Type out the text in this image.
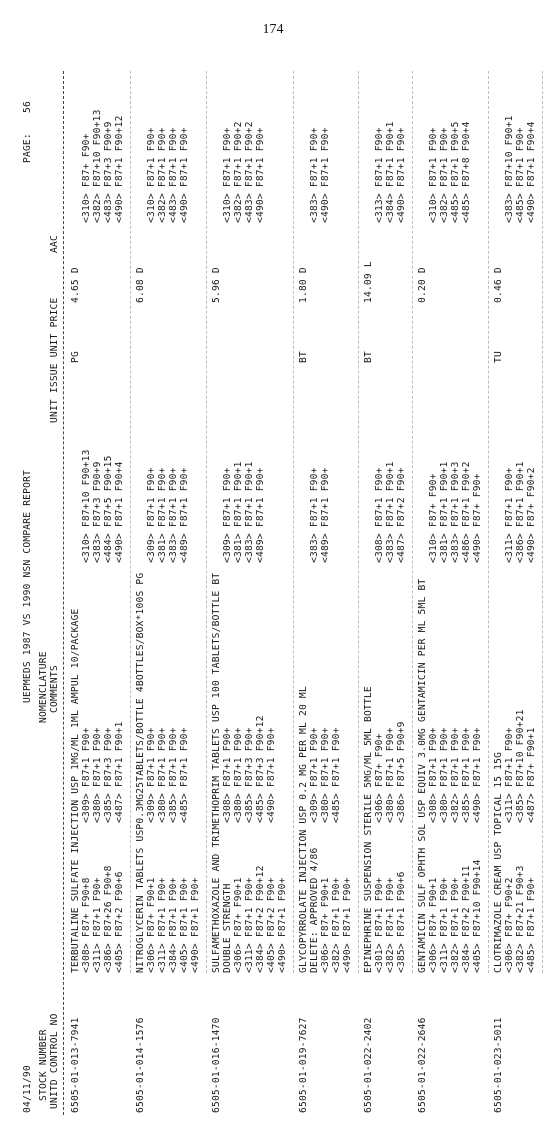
174
04/11/90
UEPMEDS 1987 VS 1990 NSN COMPARE REPORT
PAGE:
56
STOCK NUMBER UNITD CONTROL NO
NOMENCLATURE COMMENTS
UNIT ISSUE UNIT PRICE
AAC
6505-01-013-7941
TERBUTALINE SULFATE INJECTION USP 1MG/ML 1ML AMPUL 10/PACKAGE
PG
4.65 D
<308> F87+ F90+8 <311> F87+1 F90+ <386> F87+26 F90+8 <405> F87+2 F90+6
<309> F87+1 F90+ <380> F87+1 F90+ <385> F87+3 F90+ <487> F87+1 F90+1
<310> F87+10 F90+13 <383> F87+3 F90+9 <484> F87+5 F90+15 <490> F87+1 F90+4
<310> F87+ F90+ <382> F87+10 F90+13 <483> F87+3 F90+9 <490> F87+1 F90+12
6505-01-014-1576
NITROGLYCERIN TABLETS USP0.3MG25TABLETS/BOTTLE 4BOTTLES/BOX*100S PG
6.08 D
<306> F87+ F90+1 <311> F87+1 F90+ <384> F87+1 F90+ <405> F87+1 F90+ <490> F87+1 F90+
<309> F87+1 F90+ <380> F87+1 F90+ <385> F87+1 F90+ <485> F87+1 F90+
<309> F87+1 F90+ <381> F87+1 F90+ <383> F87+1 F90+ <489> F87+1 F90+
<310> F87+1 F90+ <382> F87+1 F90+ <483> F87+1 F90+ <490> F87+1 F90+
6505-01-016-1470
SULFAMETHOXAZOLE AND TRIMETHOPRIM TABLETS USP 100 TABLETS/BOTTLE BT
5.96 D
DOUBLE STRENGTH <306> F87+ F90+1 <311> F87+1 F90+ <384> F87+2 F90+12 <405> F87+2 F90+ <490> F87+1 F90+
<308> F87+1 F90+ <380> F87+1 F90+ <385> F87+3 F90+ <485> F87+3 F90+12 <490> F87+1 F90+
<309> F87+1 F90+ <381> F87+1 F90+1 <383> F87+1 F90+1 <489> F87+1 F90+
<310> F87+1 F90+ <382> F87+1 F90+2 <483> F87+1 F90+2 <490> F87+1 F90+
6505-01-019-7627
GLYCOPYRROLATE INJECTION USP 0.2 MG PER ML 20 ML
BT
1.80 D
DELETE: APPROVED 4/86 <306> F87+ F90+1 <382> F87+1 F90+ <490> F87+1 F90+
<309> F87+1 F90+ <380> F87+1 F90+ <485> F87+1 F90+
<383> F87+1 F90+ <489> F87+1 F90+
<383> F87+1 F90+ <490> F87+1 F90+
6505-01-022-2402
EPINEPHRINE SUSPENSION STERILE 5MG/ML 5ML BOTTLE
BT
14.09 L
<301> F87+1 F90+ <382> F87+1 F90+ <385> F87+1 F90+6
<306> F87+ F90+ <380> F87+1 F90+ <386> F87+5 F90+9
<308> F87+1 F90+ <383> F87+1 F90+1 <487> F87+2 F90+
<313> F87+1 F90+ <384> F87+1 F90+1 <490> F87+1 F90+
6505-01-022-2646
GENTAMICIN SULF OPHTH SOL USP EQUIV 3.0MG GENTAMICIN PER ML 5ML BT
0.20 D
<306> F87+ F90+1 <311> F87+1 F90+ <382> F87+1 F90+ <384> F87+2 F90+11 <405> F87+10 F90+14
<308> F87+1 F90+ <380> F87+1 F90+ <382> F87+1 F90+ <385> F87+1 F90+ <490> F87+1 F90+
<310> F87+ F90+ <381> F87+1 F90+1 <383> F87+1 F90+3 <486> F87+1 F90+2 <490> F87+ F90+
<310> F87+1 F90+ <382> F87+1 F90+ <485> F87+1 F90+5 <485> F87+8 F90+4
6505-01-023-5011
CLOTRIMAZOLE CREAM USP TOPICAL 15 15G
TU
0.46 D
<306> F87+ F90+2 <382> F87+21 F90+3 <485> F87+1 F90+
<311> F87+1 F90+ <385> F87+10 F90+21 <487> F87+ F90+1
<311> F87+1 F90+ <386> F87+1 F90+1 <490> F87+ F90+2
<383> F87+10 F90+1 <485> F87+1 F90+ <490> F87+1 F90+4
